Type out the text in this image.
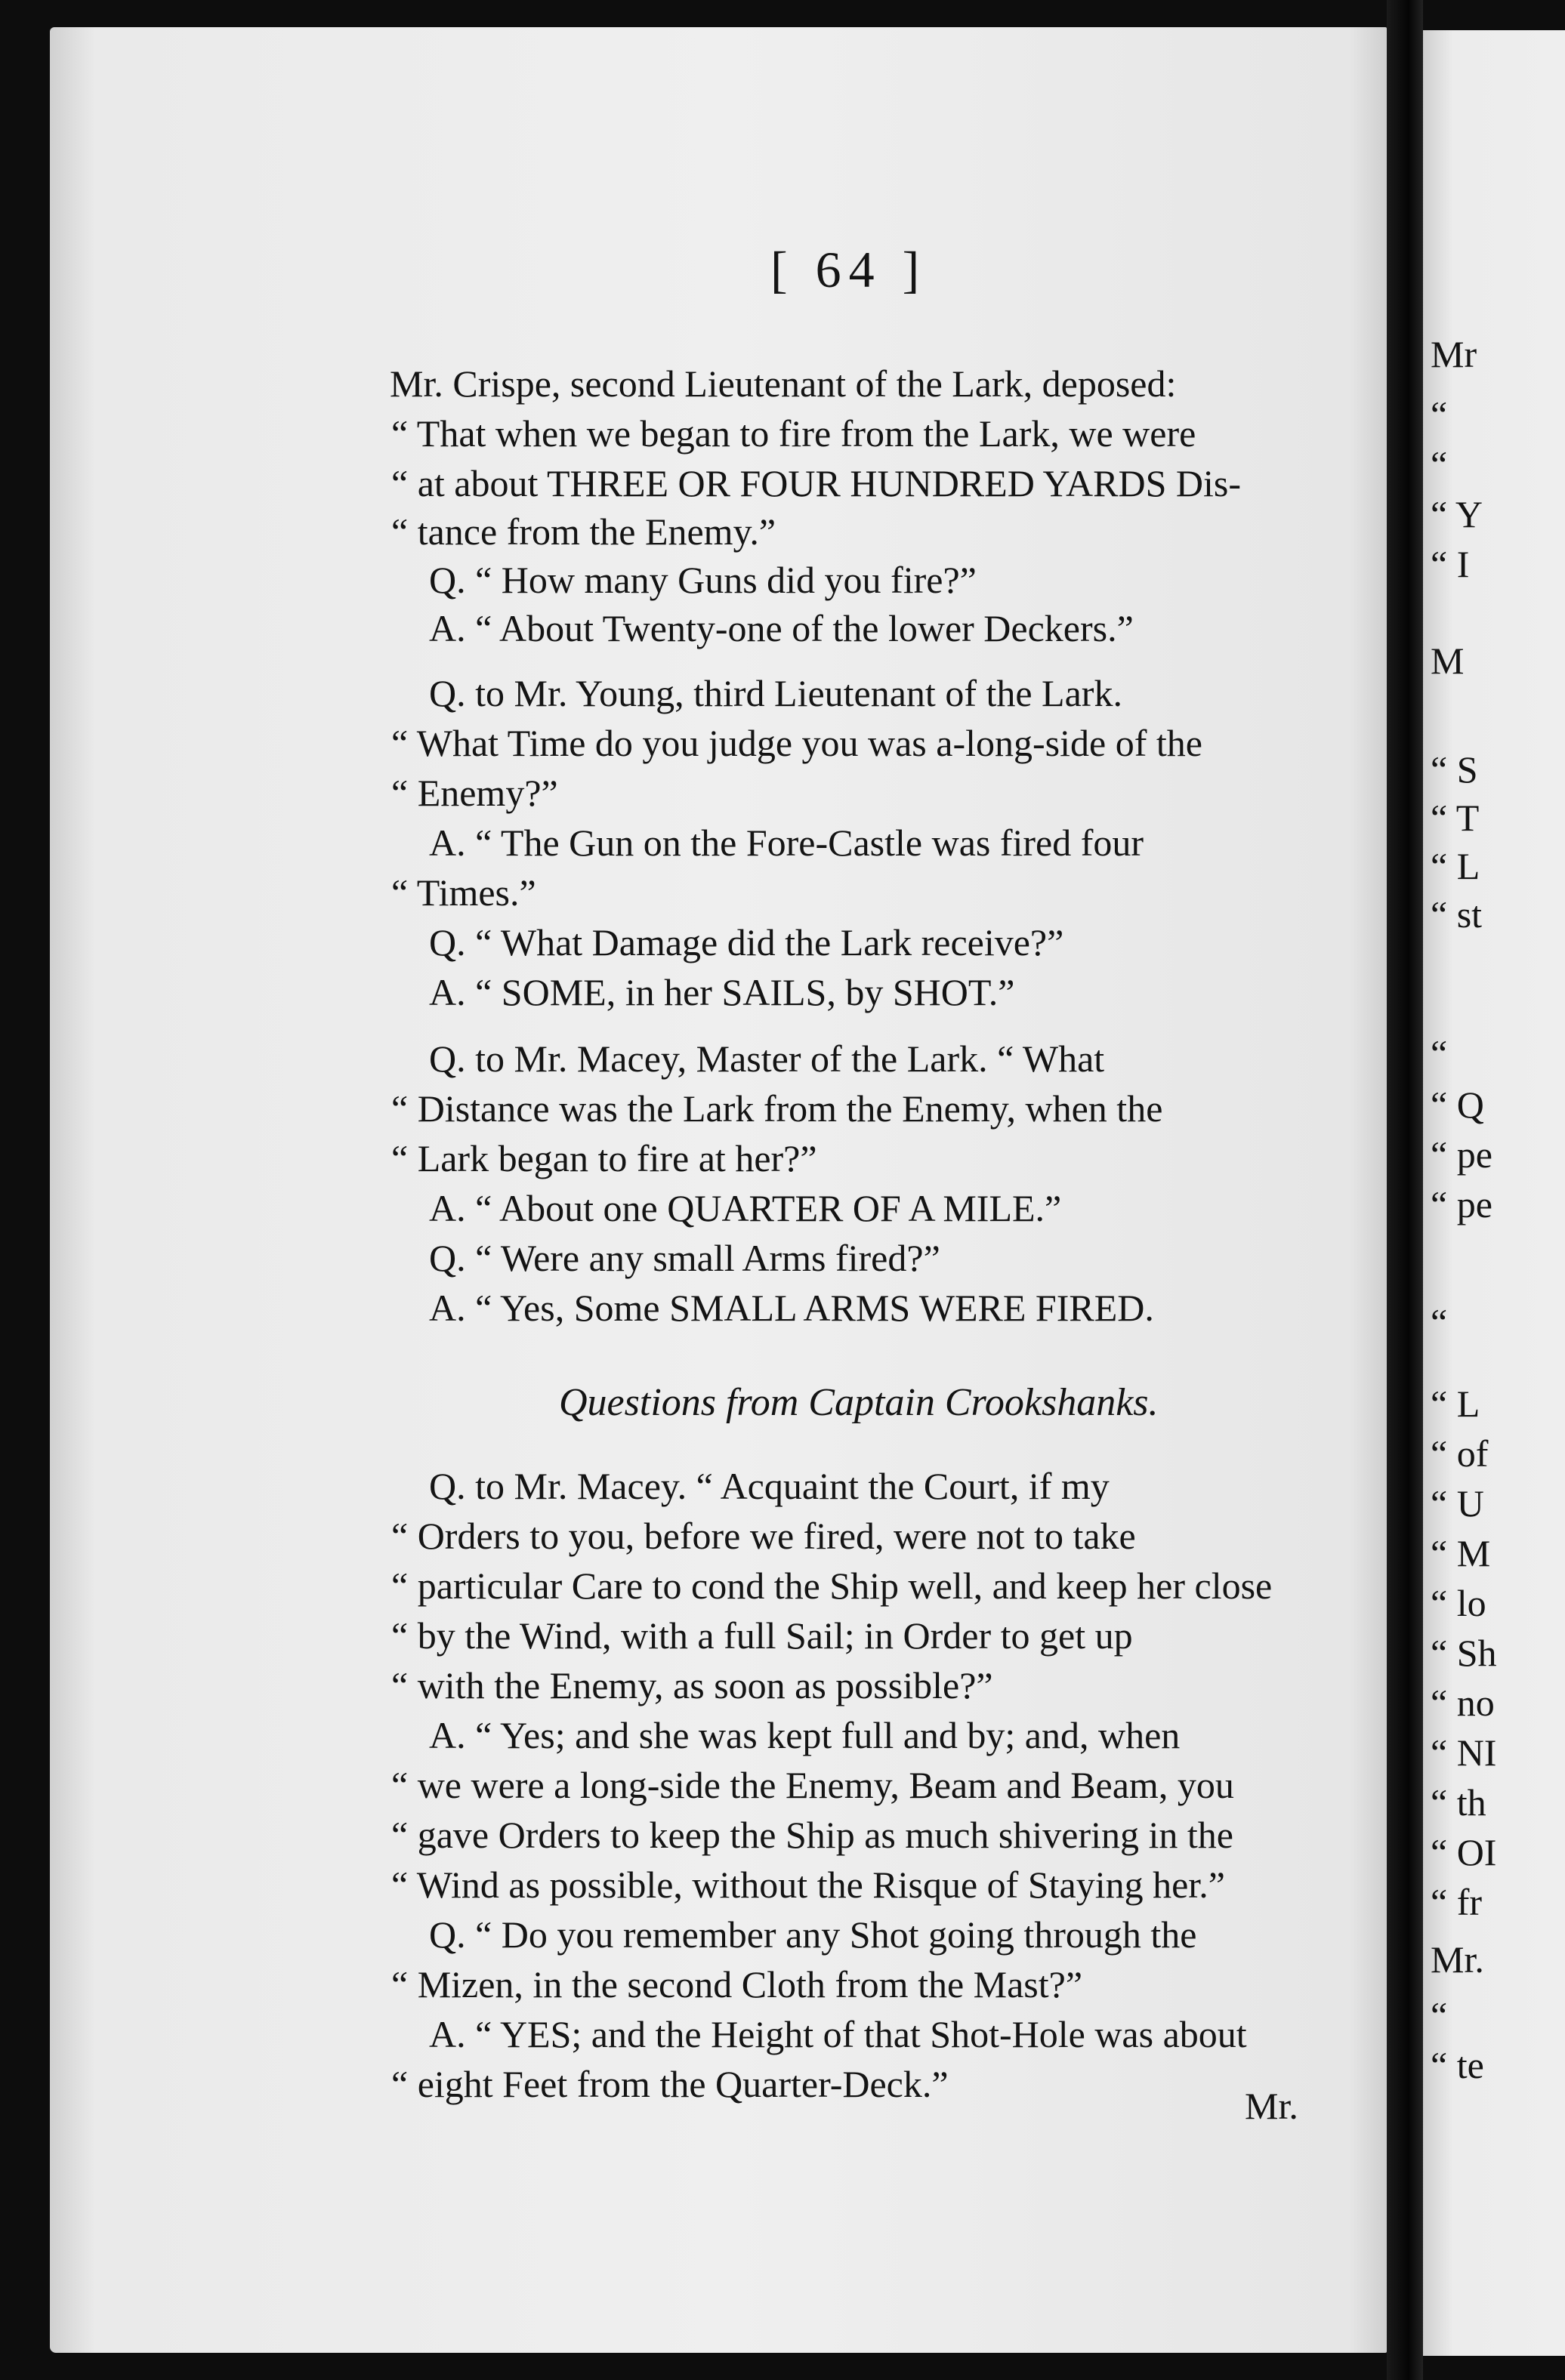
Mr
“
“
“ Y
“ I
M
“ S
“ T
“ L
“ st
“
“ Q
“ pe
“ pe
“
“ L
“ of
“ U
“ M
“ lo
“ Sh
“ no
“ NI
“ th
“ OI
“ fr
Mr.
“
“ te
[ 64 ]
Mr. Crispe, second Lieutenant of the Lark, deposed:
“ That when we began to fire from the Lark, we were
“ at about THREE OR FOUR HUNDRED YARDS Dis-
“ tance from the Enemy.”
Q. “ How many Guns did you fire?”
A. “ About Twenty-one of the lower Deckers.”
Q. to Mr. Young, third Lieutenant of the Lark.
“ What Time do you judge you was a-long-side of the
“ Enemy?”
A. “ The Gun on the Fore-Castle was fired four
“ Times.”
Q. “ What Damage did the Lark receive?”
A. “ SOME, in her SAILS, by SHOT.”
Q. to Mr. Macey, Master of the Lark. “ What
“ Distance was the Lark from the Enemy, when the
“ Lark began to fire at her?”
A. “ About one QUARTER OF A MILE.”
Q. “ Were any small Arms fired?”
A. “ Yes, Some SMALL ARMS WERE FIRED.
Q. to Mr. Macey. “ Acquaint the Court, if my
“ Orders to you, before we fired, were not to take
“ particular Care to cond the Ship well, and keep her close
“ by the Wind, with a full Sail; in Order to get up
“ with the Enemy, as soon as possible?”
A. “ Yes; and she was kept full and by; and, when
“ we were a long-side the Enemy, Beam and Beam, you
“ gave Orders to keep the Ship as much shivering in the
“ Wind as possible, without the Risque of Staying her.”
Q. “ Do you remember any Shot going through the
“ Mizen, in the second Cloth from the Mast?”
A. “ YES; and the Height of that Shot-Hole was about
“ eight Feet from the Quarter-Deck.”
Questions from Captain Crookshanks.
Mr.
